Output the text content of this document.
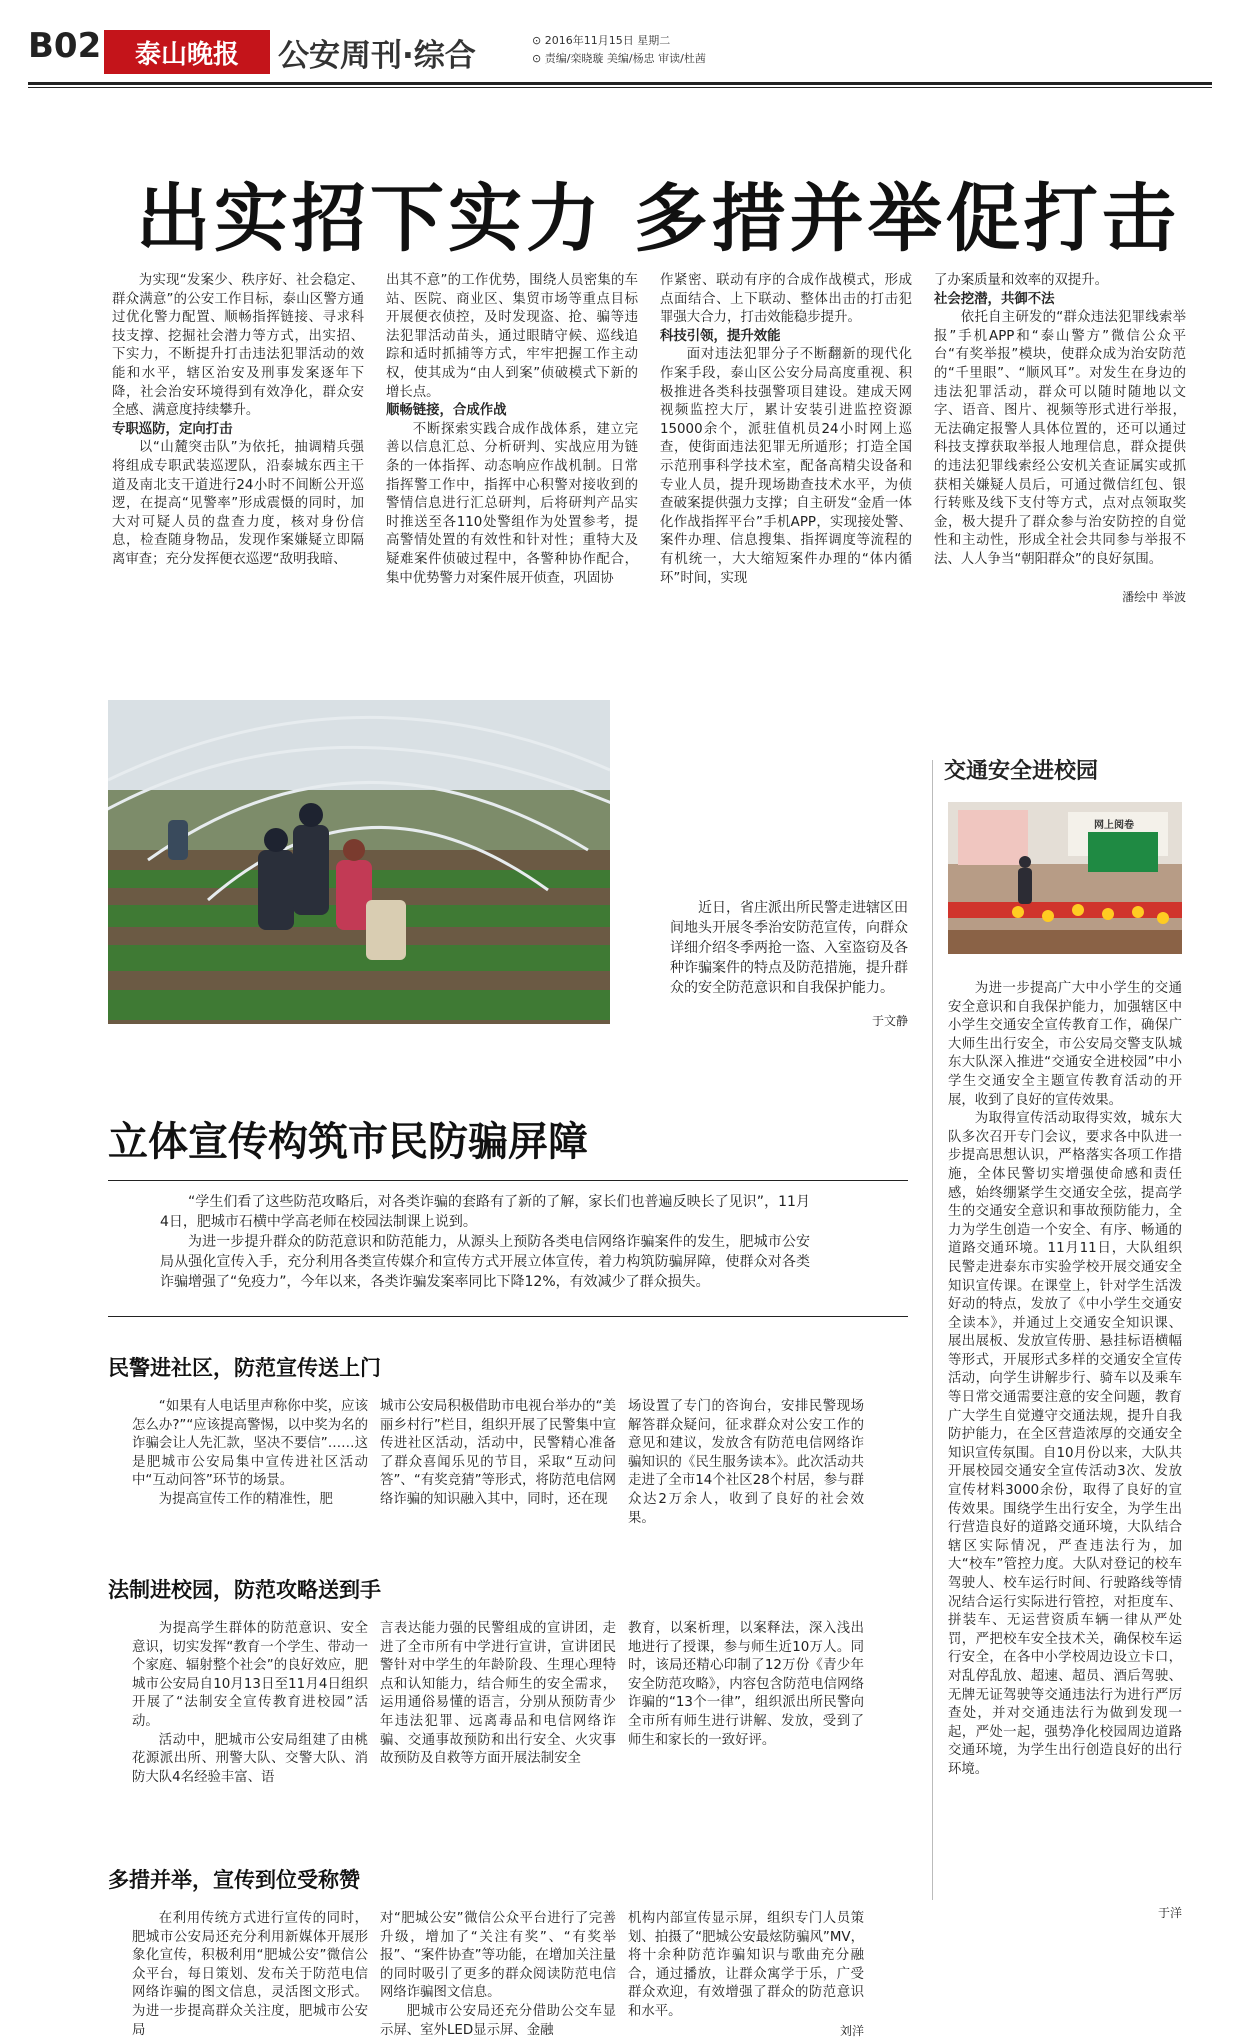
B02	泰山晚报	公安周刊·综合	⊙ 2016年11月15日 星期二
⊙ 责编/栾晓璇 美编/杨忠 审读/杜茜
出实招下实力 多措并举促打击

为实现“发案少、秩序好、社会稳定、群众满意”的公安工作目标，泰山区警方通过优化警力配置、顺畅指挥链接、寻求科技支撑、挖掘社会潜力等方式，出实招、下实力，不断提升打击违法犯罪活动的效能和水平，辖区治安及刑事发案逐年下降，社会治安环境得到有效净化，群众安全感、满意度持续攀升。

专职巡防，定向打击

以“山麓突击队”为依托，抽调精兵强将组成专职武装巡逻队，沿泰城东西主干道及南北支干道进行24小时不间断公开巡逻，在提高“见警率”形成震慑的同时，加大对可疑人员的盘查力度，核对身份信息，检查随身物品，发现作案嫌疑立即隔离审查；充分发挥便衣巡逻“敌明我暗、

出其不意”的工作优势，围绕人员密集的车站、医院、商业区、集贸市场等重点目标开展便衣侦控，及时发现盗、抢、骗等违法犯罪活动苗头，通过眼睛守候、巡线追踪和适时抓捕等方式，牢牢把握工作主动权，使其成为“由人到案”侦破模式下新的增长点。

顺畅链接，合成作战

不断探索实践合成作战体系，建立完善以信息汇总、分析研判、实战应用为链条的一体指挥、动态响应作战机制。日常指挥警工作中，指挥中心积警对接收到的警情信息进行汇总研判，后将研判产品实时推送至各110处警组作为处置参考，提高警情处置的有效性和针对性；重特大及疑难案件侦破过程中，各警种协作配合，集中优势警力对案件展开侦查，巩固协

作紧密、联动有序的合成作战模式，形成点面结合、上下联动、整体出击的打击犯罪强大合力，打击效能稳步提升。

科技引领，提升效能

面对违法犯罪分子不断翻新的现代化作案手段，泰山区公安分局高度重视、积极推进各类科技强警项目建设。建成天网视频监控大厅，累计安装引进监控资源15000余个，派驻值机员24小时网上巡查，使街面违法犯罪无所遁形；打造全国示范刑事科学技术室，配备高精尖设备和专业人员，提升现场勘查技术水平，为侦查破案提供强力支撑；自主研发“金盾一体化作战指挥平台”手机APP，实现接处警、案件办理、信息搜集、指挥调度等流程的有机统一，大大缩短案件办理的“体内循环”时间，实现

了办案质量和效率的双提升。

社会挖潜，共御不法

依托自主研发的“群众违法犯罪线索举报”手机APP和“泰山警方”微信公众平台“有奖举报”模块，使群众成为治安防范的“千里眼”、“顺风耳”。对发生在身边的违法犯罪活动，群众可以随时随地以文字、语音、图片、视频等形式进行举报，无法确定报警人具体位置的，还可以通过科技支撑获取举报人地理信息，群众提供的违法犯罪线索经公安机关查证属实或抓获相关嫌疑人员后，可通过微信红包、银行转账及线下支付等方式，点对点领取奖金，极大提升了群众参与治安防控的自觉性和主动性，形成全社会共同参与举报不法、人人争当“朝阳群众”的良好氛围。

潘绘中 举波

近日，省庄派出所民警走进辖区田间地头开展冬季治安防范宣传，向群众详细介绍冬季两抢一盗、入室盗窃及各种诈骗案件的特点及防范措施，提升群众的安全防范意识和自我保护能力。

于文静
交通安全进校园
网上阅卷

为进一步提高广大中小学生的交通安全意识和自我保护能力，加强辖区中小学生交通安全宣传教育工作，确保广大师生出行安全，市公安局交警支队城东大队深入推进“交通安全进校园”中小学生交通安全主题宣传教育活动的开展，收到了良好的宣传效果。

为取得宣传活动取得实效，城东大队多次召开专门会议，要求各中队进一步提高思想认识，严格落实各项工作措施，全体民警切实增强使命感和责任感，始终绷紧学生交通安全弦，提高学生的交通安全意识和事故预防能力，全力为学生创造一个安全、有序、畅通的道路交通环境。11月11日，大队组织民警走进泰东市实验学校开展交通安全知识宣传课。在课堂上，针对学生活泼好动的特点，发放了《中小学生交通安全读本》，并通过上交通安全知识课、展出展板、发放宣传册、悬挂标语横幅等形式，开展形式多样的交通安全宣传活动，向学生讲解步行、骑车以及乘车等日常交通需要注意的安全问题，教育广大学生自觉遵守交通法规，提升自我防护能力，在全区营造浓厚的交通安全知识宣传氛围。自10月份以来，大队共开展校园交通安全宣传活动3次、发放宣传材料3000余份，取得了良好的宣传效果。围绕学生出行安全，为学生出行营造良好的道路交通环境，大队结合辖区实际情况，严查违法行为，加大“校车”管控力度。大队对登记的校车驾驶人、校车运行时间、行驶路线等情况结合运行实际进行管控，对拒度车、拼装车、无运营资质车辆一律从严处罚，严把校车安全技术关，确保校车运行安全，在各中小学校周边设立卡口，对乱停乱放、超速、超员、酒后驾驶、无牌无证驾驶等交通违法行为进行严厉查处，并对交通违法行为做到发现一起，严处一起，强势净化校园周边道路交通环境，为学生出行创造良好的出行环境。

于洋
立体宣传构筑市民防骗屏障

“学生们看了这些防范攻略后，对各类诈骗的套路有了新的了解，家长们也普遍反映长了见识”，11月4日，肥城市石横中学高老师在校园法制课上说到。

为进一步提升群众的防范意识和防范能力，从源头上预防各类电信网络诈骗案件的发生，肥城市公安局从强化宣传入手，充分利用各类宣传媒介和宣传方式开展立体宣传，着力构筑防骗屏障，使群众对各类诈骗增强了“免疫力”，今年以来，各类诈骗发案率同比下降12%，有效减少了群众损失。

民警进社区，防范宣传送上门

“如果有人电话里声称你中奖，应该怎么办?”“应该提高警惕，以中奖为名的诈骗会让人先汇款，坚决不要信”……这是肥城市公安局集中宣传进社区活动中“互动问答”环节的场景。

为提高宣传工作的精准性，肥

城市公安局积极借助市电视台举办的“美丽乡村行”栏目，组织开展了民警集中宣传进社区活动，活动中，民警精心准备了群众喜闻乐见的节目，采取“互动问答”、“有奖竞猜”等形式，将防范电信网络诈骗的知识融入其中，同时，还在现

场设置了专门的咨询台，安排民警现场解答群众疑问，征求群众对公安工作的意见和建议，发放含有防范电信网络诈骗知识的《民生服务读本》。此次活动共走进了全市14个社区28个村居，参与群众达2万余人，收到了良好的社会效果。

法制进校园，防范攻略送到手

为提高学生群体的防范意识、安全意识，切实发挥“教育一个学生、带动一个家庭、辐射整个社会”的良好效应，肥城市公安局自10月13日至11月4日组织开展了“法制安全宣传教育进校园”活动。

活动中，肥城市公安局组建了由桃花源派出所、刑警大队、交警大队、消防大队4名经验丰富、语

言表达能力强的民警组成的宣讲团，走进了全市所有中学进行宣讲，宣讲团民警针对中学生的年龄阶段、生理心理特点和认知能力，结合师生的安全需求，运用通俗易懂的语言，分别从预防青少年违法犯罪、远离毒品和电信网络诈骗、交通事故预防和出行安全、火灾事故预防及自救等方面开展法制安全

教育，以案析理，以案释法，深入浅出地进行了授课，参与师生近10万人。同时，该局还精心印制了12万份《青少年安全防范攻略》，内容包含防范电信网络诈骗的“13个一律”，组织派出所民警向全市所有师生进行讲解、发放，受到了师生和家长的一致好评。

多措并举，宣传到位受称赞

在利用传统方式进行宣传的同时，肥城市公安局还充分利用新媒体开展形象化宣传，积极利用“肥城公安”微信公众平台，每日策划、发布关于防范电信网络诈骗的图文信息，灵活图文形式。为进一步提高群众关注度，肥城市公安局

对“肥城公安”微信公众平台进行了完善升级，增加了“关注有奖”、“有奖举报”、“案件协查”等功能，在增加关注量的同时吸引了更多的群众阅读防范电信网络诈骗图文信息。

肥城市公安局还充分借助公交车显示屏、室外LED显示屏、金融

机构内部宣传显示屏，组织专门人员策划、拍摄了“肥城公安最炫防骗风”MV，将十余种防范诈骗知识与歌曲充分融合，通过播放，让群众寓学于乐，广受群众欢迎，有效增强了群众的防范意识和水平。

刘洋
